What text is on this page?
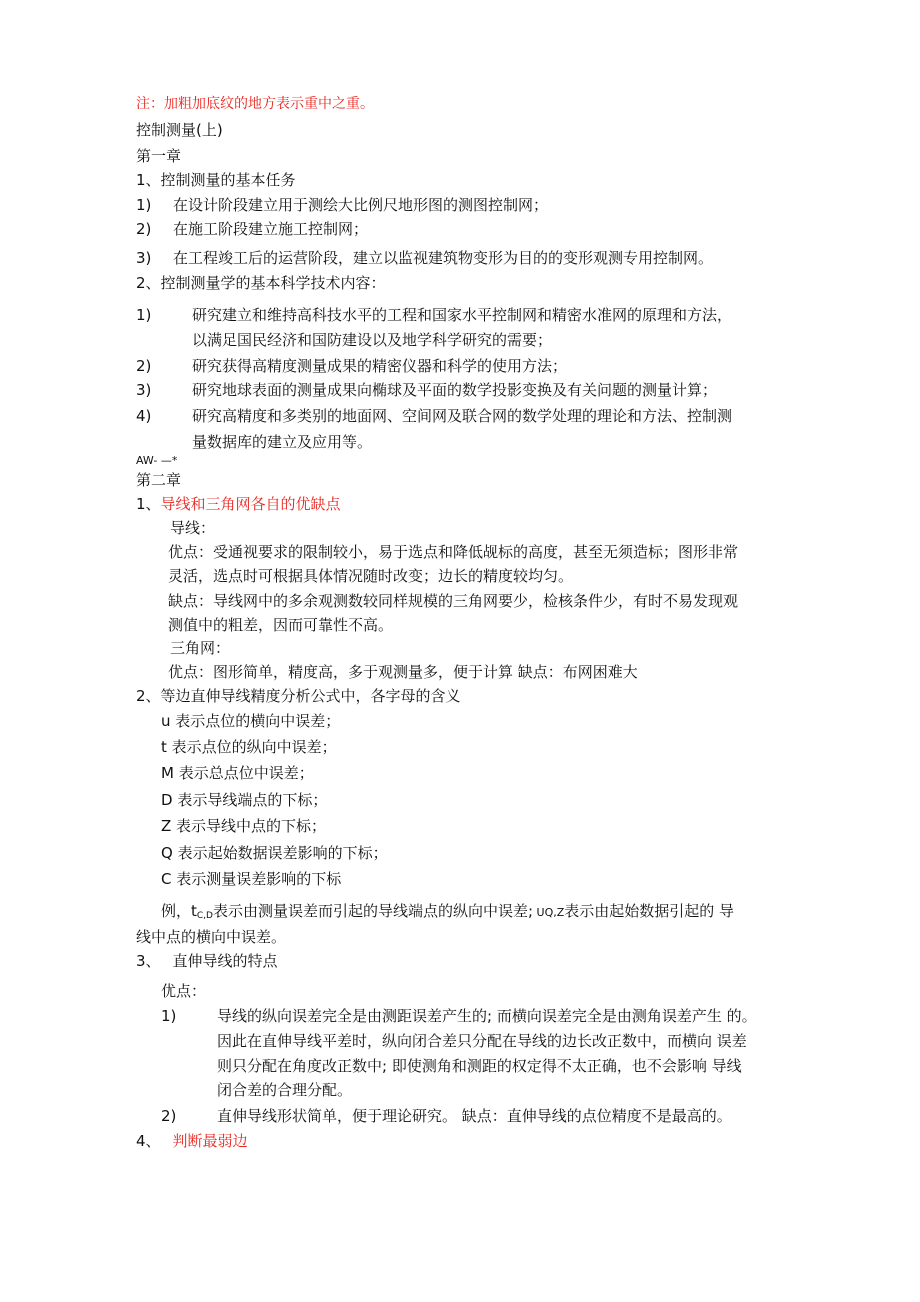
注：加粗加底纹的地方表示重中之重。
控制测量(上)
第一章
1、控制测量的基本任务
1) 在设计阶段建立用于测绘大比例尺地形图的测图控制网；
2) 在施工阶段建立施工控制网；
3) 在工程竣工后的运营阶段，建立以监视建筑物变形为目的的变形观测专用控制网。
2、控制测量学的基本科学技术内容：
1)	研究建立和维持高科技水平的工程和国家水平控制网和精密水准网的原理和方法，
以满足国民经济和国防建设以及地学科学研究的需要；
2)	研究获得高精度测量成果的精密仪器和科学的使用方法；
3)	研究地球表面的测量成果向椭球及平面的数学投影变换及有关问题的测量计算；
4)	研究高精度和多类别的地面网、空间网及联合网的数学处理的理论和方法、控制测
量数据库的建立及应用等。
AW- —*
第二章
1、导线和三角网各自的优缺点
导线：
优点：受通视要求的限制较小，易于选点和降低觇标的高度，甚至无须造标；图形非常
灵活，选点时可根据具体情况随时改变；边长的精度较均匀。
缺点：导线网中的多余观测数较同样规模的三角网要少，检核条件少，有时不易发现观
测值中的粗差，因而可靠性不高。
三角网：
优点：图形简单，精度高，多于观测量多，便于计算 缺点：布网困难大
2、等边直伸导线精度分析公式中，各字母的含义
u 表示点位的横向中误差；
t 表示点位的纵向中误差；
M 表示总点位中误差；
D 表示导线端点的下标；
Z 表示导线中点的下标；
Q 表示起始数据误差影响的下标；
C 表示测量误差影响的下标
例，$t_{C,D}$表示由测量误差而引起的导线端点的纵向中误差; UQ,Z表示由起始数据引起的 导
线中点的横向中误差。
3、 直伸导线的特点
优点：
1)	导线的纵向误差完全是由测距误差产生的; 而横向误差完全是由测角误差产生 的。
因此在直伸导线平差时，纵向闭合差只分配在导线的边长改正数中，而横向 误差
则只分配在角度改正数中; 即使测角和测距的权定得不太正确，也不会影响 导线
闭合差的合理分配。
2)	直伸导线形状简单，便于理论研究。 缺点：直伸导线的点位精度不是最高的。
4、 判断最弱边
